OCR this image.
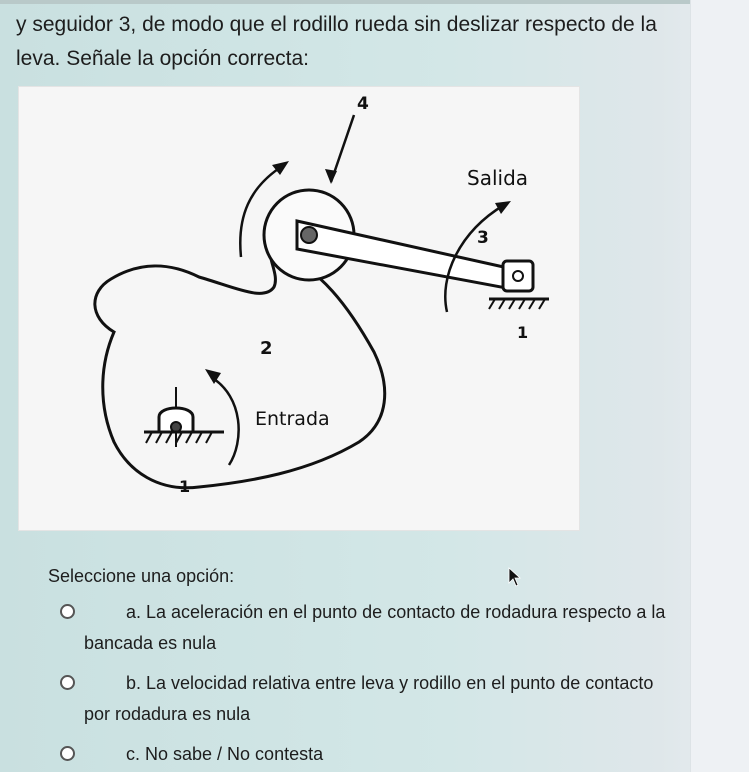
y seguidor 3, de modo que el rodillo rueda sin deslizar respecto de la leva. Señale la opción correcta:

4
Salida
3
1
2
Entrada
1

Seleccione una opción:

a. La aceleración en el punto de contacto de rodadura respecto a la bancada es nula
b. La velocidad relativa entre leva y rodillo en el punto de contacto por rodadura es nula
c. No sabe / No contesta
